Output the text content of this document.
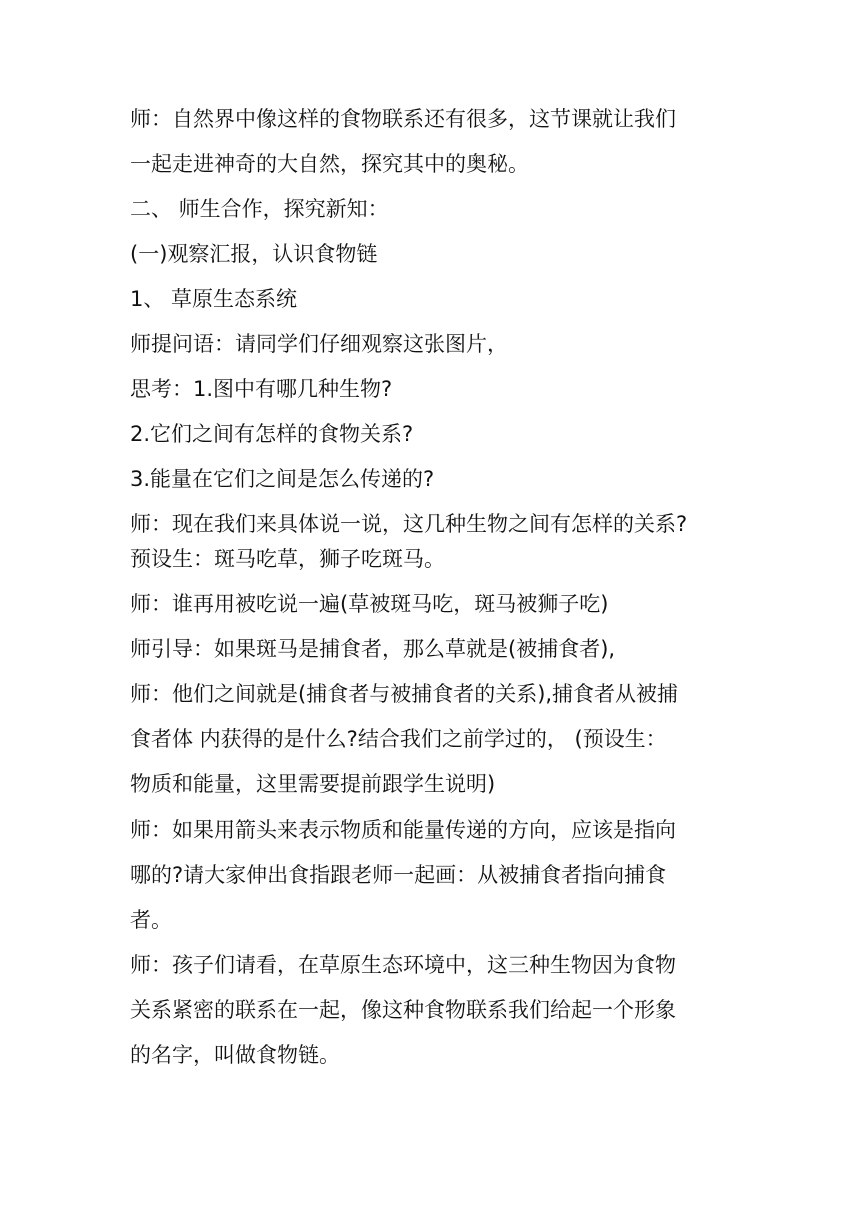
师：自然界中像这样的食物联系还有很多，这节课就让我们
一起走进神奇的大自然，探究其中的奥秘。
二、 师生合作，探究新知：
(一)观察汇报，认识食物链
1、 草原生态系统
师提问语：请同学们仔细观察这张图片，
思考：1.图中有哪几种生物?
2.它们之间有怎样的食物关系?
3.能量在它们之间是怎么传递的?
师：现在我们来具体说一说，这几种生物之间有怎样的关系?
预设生：斑马吃草，狮子吃斑马。
师：谁再用被吃说一遍(草被斑马吃，斑马被狮子吃)
师引导：如果斑马是捕食者，那么草就是(被捕食者),
师：他们之间就是(捕食者与被捕食者的关系),捕食者从被捕
食者体 内获得的是什么?结合我们之前学过的， (预设生：
物质和能量，这里需要提前跟学生说明)
师：如果用箭头来表示物质和能量传递的方向，应该是指向
哪的?请大家伸出食指跟老师一起画：从被捕食者指向捕食
者。
师：孩子们请看，在草原生态环境中，这三种生物因为食物
关系紧密的联系在一起，像这种食物联系我们给起一个形象
的名字，叫做食物链。
